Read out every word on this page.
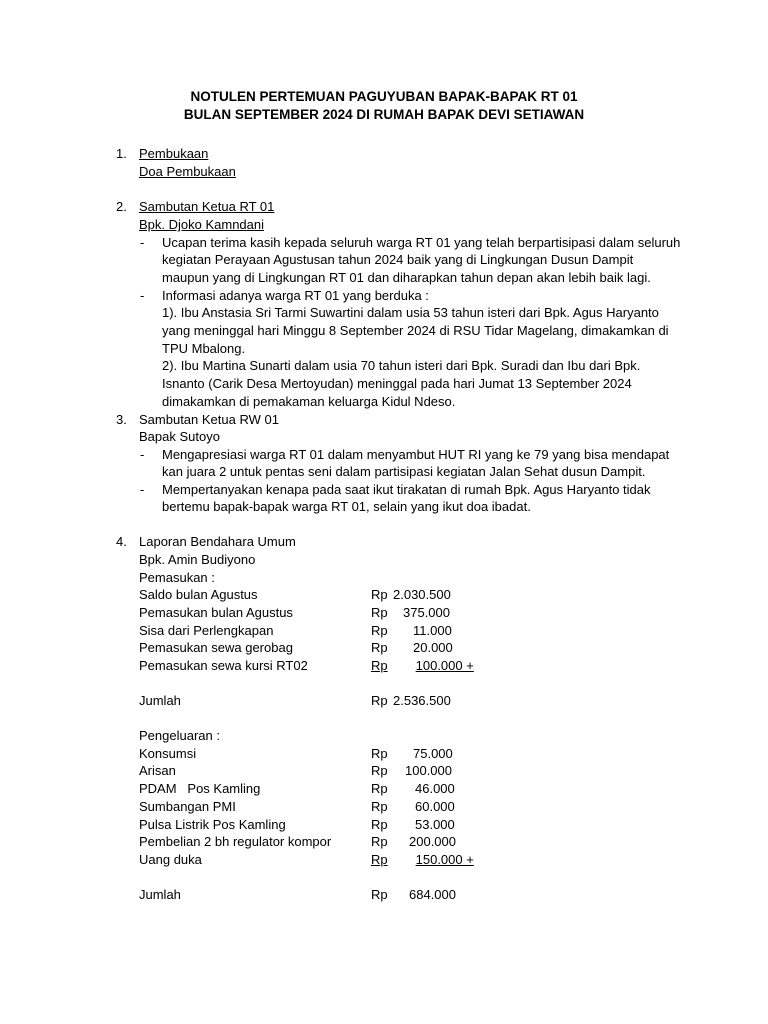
NOTULEN PERTEMUAN PAGUYUBAN BAPAK-BAPAK RT 01
BULAN SEPTEMBER 2024 DI RUMAH BAPAK DEVI SETIAWAN
1. Pembukaan
Doa Pembukaan
2. Sambutan Ketua RT 01
Bpk. Djoko Kamndani
- Ucapan terima kasih kepada seluruh warga RT 01 yang telah berpartisipasi dalam seluruh
kegiatan Perayaan Agustusan tahun 2024 baik yang di Lingkungan Dusun Dampit
maupun yang di Lingkungan RT 01 dan diharapkan tahun depan akan lebih baik lagi.
- Informasi adanya warga RT 01 yang berduka :
1). Ibu Anstasia Sri Tarmi Suwartini dalam usia 53 tahun isteri dari Bpk. Agus Haryanto
yang meninggal hari Minggu 8 September 2024 di RSU Tidar Magelang, dimakamkan di
TPU Mbalong.
2). Ibu Martina Sunarti dalam usia 70 tahun isteri dari Bpk. Suradi dan Ibu dari Bpk.
Isnanto (Carik Desa Mertoyudan) meninggal pada hari Jumat 13 September 2024
dimakamkan di pemakaman keluarga Kidul Ndeso.
3. Sambutan Ketua RW 01
Bapak Sutoyo
- Mengapresiasi warga RT 01 dalam menyambut HUT RI yang ke 79 yang bisa mendapat
kan juara 2 untuk pentas seni dalam partisipasi kegiatan Jalan Sehat dusun Dampit.
- Mempertanyakan kenapa pada saat ikut tirakatan di rumah Bpk. Agus Haryanto tidak
bertemu bapak-bapak warga RT 01, selain yang ikut doa ibadat.
4. Laporan Bendahara Umum
Bpk. Amin Budiyono
Pemasukan :
Saldo bulan Agustus	Rp 2.030.500
Pemasukan bulan Agustus	Rp 375.000
Sisa dari Perlengkapan	Rp 11.000
Pemasukan sewa gerobag	Rp 20.000
Pemasukan sewa kursi RT02	Rp 100.000 +
Jumlah	Rp 2.536.500
Pengeluaran :
Konsumsi	Rp 75.000
Arisan	Rp 100.000
PDAM   Pos Kamling	Rp 46.000
Sumbangan PMI	Rp 60.000
Pulsa Listrik Pos Kamling	Rp 53.000
Pembelian 2 bh regulator kompor	Rp 200.000
Uang duka	Rp 150.000 +
Jumlah	Rp 684.000
